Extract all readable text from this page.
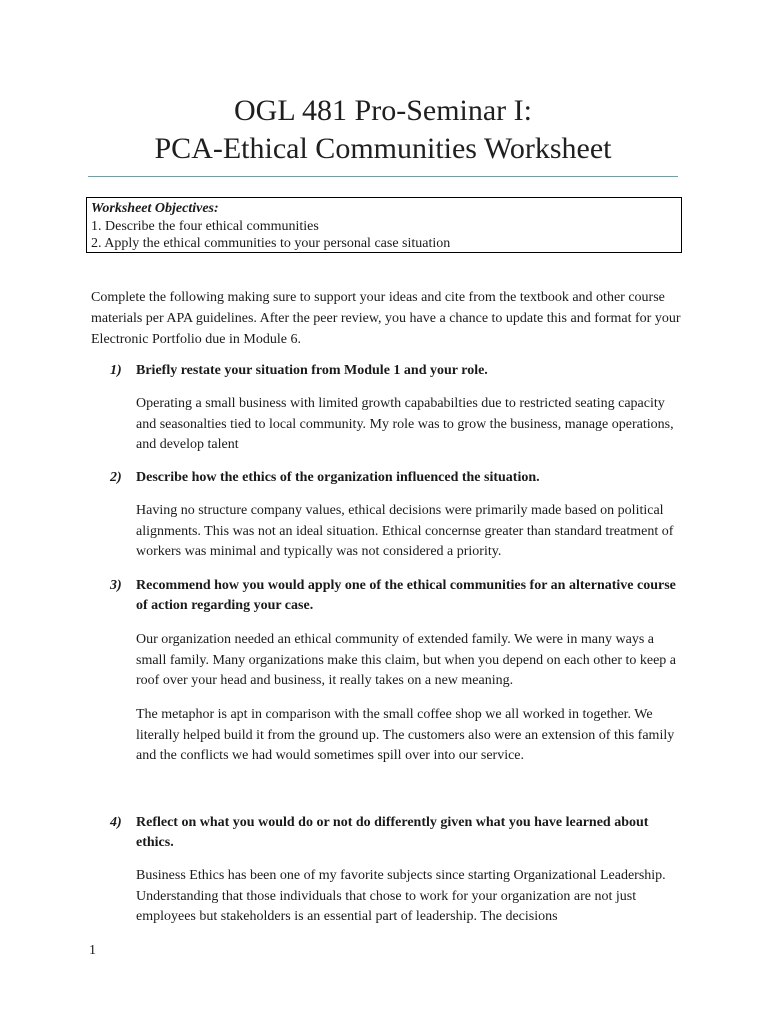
OGL 481 Pro-Seminar I:
PCA-Ethical Communities Worksheet
Worksheet Objectives:
1. Describe the four ethical communities
2. Apply the ethical communities to your personal case situation
Complete the following making sure to support your ideas and cite from the textbook and other course materials per APA guidelines. After the peer review, you have a chance to update this and format for your Electronic Portfolio due in Module 6.
1) Briefly restate your situation from Module 1 and your role.
Operating a small business with limited growth capababilties due to restricted seating capacity and seasonalties tied to local community. My role was to grow the business, manage operations, and develop talent
2) Describe how the ethics of the organization influenced the situation.
Having no structure company values, ethical decisions were primarily made based on political alignments. This was not an ideal situation. Ethical concernse greater than standard treatment of workers was minimal and typically was not considered a priority.
3) Recommend how you would apply one of the ethical communities for an alternative course of action regarding your case.
Our organization needed an ethical community of extended family. We were in many ways a small family. Many organizations make this claim, but when you depend on each other to keep a roof over your head and business, it really takes on a new meaning.
The metaphor is apt in comparison with the small coffee shop we all worked in together. We literally helped build it from the ground up. The customers also were an extension of this family and the conflicts we had would sometimes spill over into our service.
4) Reflect on what you would do or not do differently given what you have learned about ethics.
Business Ethics has been one of my favorite subjects since starting Organizational Leadership. Understanding that those individuals that chose to work for your organization are not just employees but stakeholders is an essential part of leadership. The decisions
1
